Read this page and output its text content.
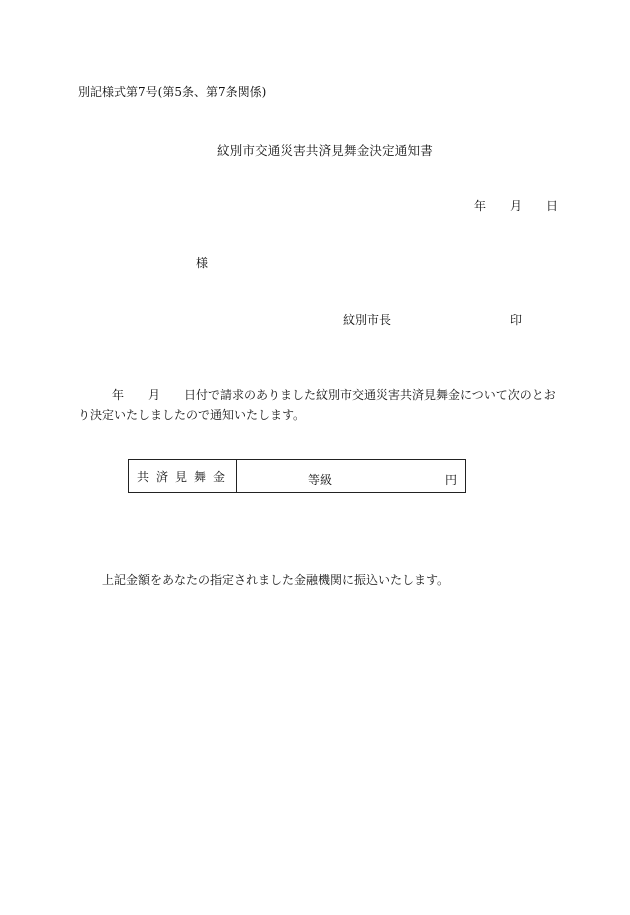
別記様式第7号(第5条、第7条関係)
紋別市交通災害共済見舞金決定通知書
年 月 日
様
紋別市長	印
年 月 日付で請求のありました紋別市交通災害共済見舞金について次のとおり決定いたしましたので通知いたします。
共済見舞金	等級	円
上記金額をあなたの指定されました金融機関に振込いたします。
